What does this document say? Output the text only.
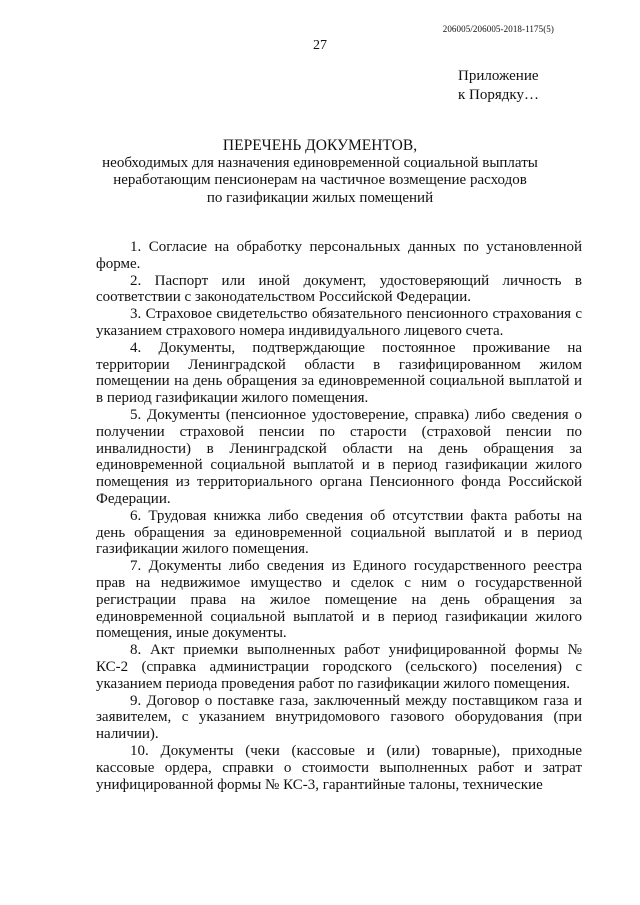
206005/206005-2018-1175(5)
27
Приложение
к Порядку…
ПЕРЕЧЕНЬ ДОКУМЕНТОВ,
необходимых для назначения единовременной социальной выплаты
неработающим пенсионерам на частичное возмещение расходов
по газификации жилых помещений

1. Согласие на обработку персональных данных по установленной форме.

2. Паспорт или иной документ, удостоверяющий личность в соответствии с законодательством Российской Федерации.

3. Страховое свидетельство обязательного пенсионного страхования с указанием страхового номера индивидуального лицевого счета.

4. Документы, подтверждающие постоянное проживание на территории Ленинградской области в газифицированном жилом помещении на день обращения за единовременной социальной выплатой и в период газификации жилого помещения.

5. Документы (пенсионное удостоверение, справка) либо сведения о получении страховой пенсии по старости (страховой пенсии по инвалидности) в Ленинградской области на день обращения за единовременной социальной выплатой и в период газификации жилого помещения из территориального органа Пенсионного фонда Российской Федерации.

6. Трудовая книжка либо сведения об отсутствии факта работы на день обращения за единовременной социальной выплатой и в период газификации жилого помещения.

7. Документы либо сведения из Единого государственного реестра прав на недвижимое имущество и сделок с ним о государственной регистрации права на жилое помещение на день обращения за единовременной социальной выплатой и в период газификации жилого помещения, иные документы.

8. Акт приемки выполненных работ унифицированной формы № КС-2 (справка администрации городского (сельского) поселения) с указанием периода проведения работ по газификации жилого помещения.

9. Договор о поставке газа, заключенный между поставщиком газа и заявителем, с указанием внутридомового газового оборудования (при наличии).

10. Документы (чеки (кассовые и (или) товарные), приходные кассовые ордера, справки о стоимости выполненных работ и затрат унифицированной формы № КС-3, гарантийные талоны, технические
